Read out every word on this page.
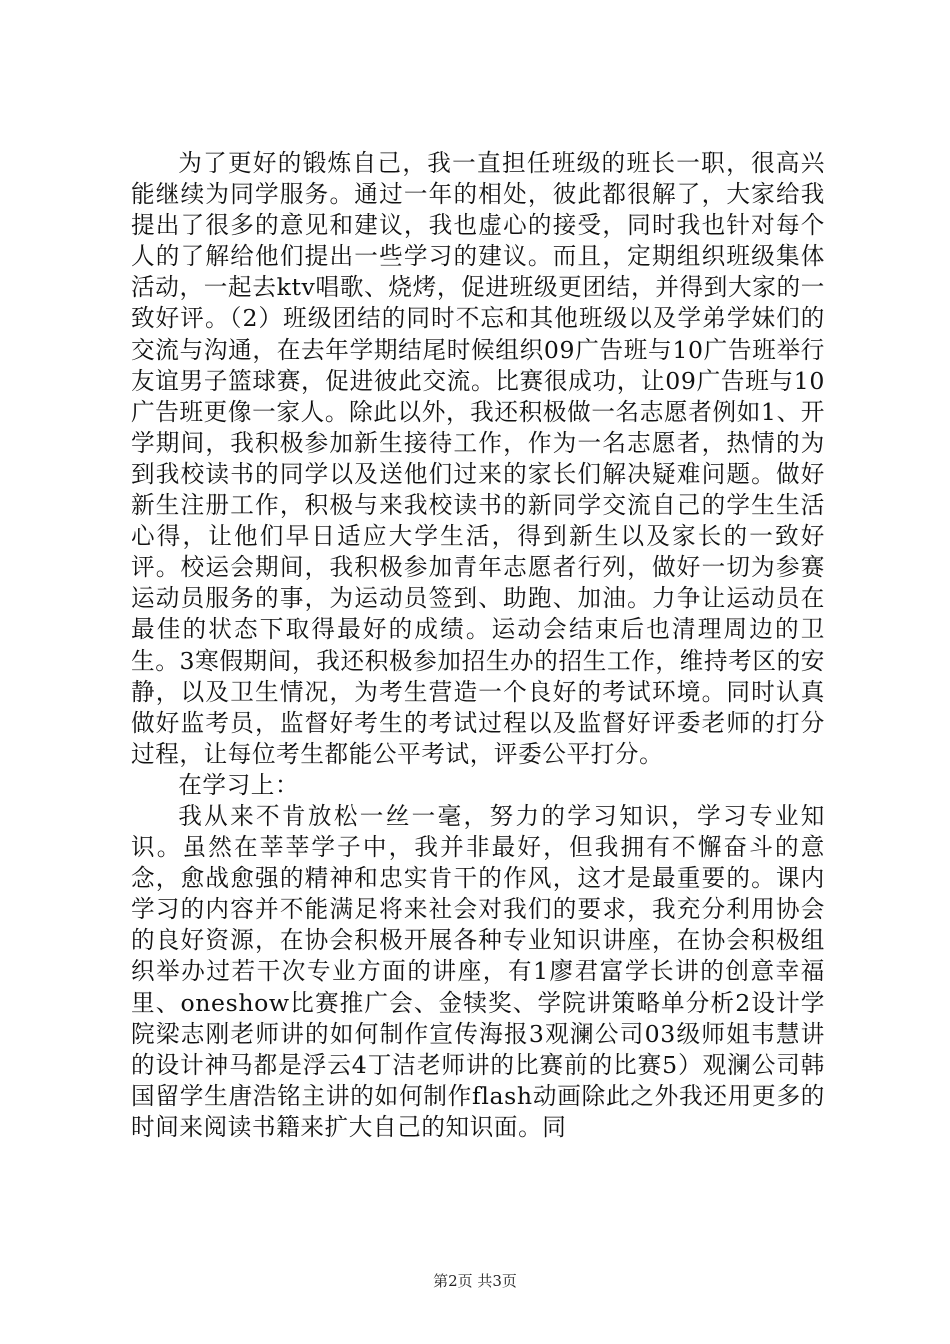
为了更好的锻炼自己，我一直担任班级的班长一职，很高兴能继续为同学服务。通过一年的相处，彼此都很解了，大家给我提出了很多的意见和建议，我也虚心的接受，同时我也针对每个人的了解给他们提出一些学习的建议。而且，定期组织班级集体活动，一起去ktv唱歌、烧烤，促进班级更团结，并得到大家的一致好评。（2）班级团结的同时不忘和其他班级以及学弟学妹们的交流与沟通，在去年学期结尾时候组织09广告班与10广告班举行友谊男子篮球赛，促进彼此交流。比赛很成功，让09广告班与10广告班更像一家人。除此以外，我还积极做一名志愿者例如1、开学期间，我积极参加新生接待工作，作为一名志愿者，热情的为到我校读书的同学以及送他们过来的家长们解决疑难问题。做好新生注册工作，积极与来我校读书的新同学交流自己的学生生活心得，让他们早日适应大学生活，得到新生以及家长的一致好评。校运会期间，我积极参加青年志愿者行列，做好一切为参赛运动员服务的事，为运动员签到、助跑、加油。力争让运动员在最佳的状态下取得最好的成绩。运动会结束后也清理周边的卫生。3寒假期间，我还积极参加招生办的招生工作，维持考区的安静，以及卫生情况，为考生营造一个良好的考试环境。同时认真做好监考员，监督好考生的考试过程以及监督好评委老师的打分过程，让每位考生都能公平考试，评委公平打分。

在学习上：

我从来不肯放松一丝一毫，努力的学习知识，学习专业知识。虽然在莘莘学子中，我并非最好，但我拥有不懈奋斗的意念，愈战愈强的精神和忠实肯干的作风，这才是最重要的。课内学习的内容并不能满足将来社会对我们的要求，我充分利用协会的良好资源，在协会积极开展各种专业知识讲座，在协会积极组织举办过若干次专业方面的讲座，有1廖君富学长讲的创意幸福里、oneshow比赛推广会、金犊奖、学院讲策略单分析2设计学院梁志刚老师讲的如何制作宣传海报3观澜公司03级师姐韦慧讲的设计神马都是浮云4丁洁老师讲的比赛前的比赛5）观澜公司韩国留学生唐浩铭主讲的如何制作flash动画除此之外我还用更多的时间来阅读书籍来扩大自己的知识面。同

第2页 共3页
